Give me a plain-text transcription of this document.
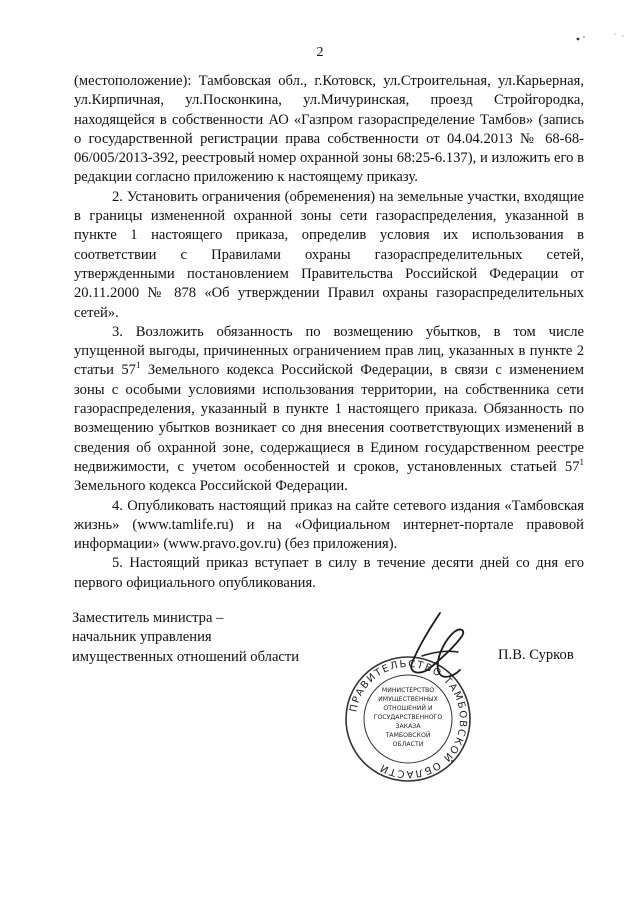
2

(местоположение): Тамбовская обл., г.Котовск, ул.Строительная, ул.Карьерная, ул.Кирпичная, ул.Посконкина, ул.Мичуринская, проезд Стройгородка, находящейся в собственности АО «Газпром газораспределение Тамбов» (запись о государственной регистрации права собственности от 04.04.2013 № 68-68-06/005/2013-392, реестровый номер охранной зоны 68:25-6.137), и изложить его в редакции согласно приложению к настоящему приказу.

2. Установить ограничения (обременения) на земельные участки, входящие в границы измененной охранной зоны сети газораспределения, указанной в пункте 1 настоящего приказа, определив условия их использования в соответствии с Правилами охраны газораспределительных сетей, утвержденными постановлением Правительства Российской Федерации от 20.11.2000 № 878 «Об утверждении Правил охраны газораспределительных сетей».

3. Возложить обязанность по возмещению убытков, в том числе упущенной выгоды, причиненных ограничением прав лиц, указанных в пункте 2 статьи $57^1$ Земельного кодекса Российской Федерации, в связи с изменением зоны с особыми условиями использования территории, на собственника сети газораспределения, указанный в пункте 1 настоящего приказа. Обязанность по возмещению убытков возникает со дня внесения соответствующих изменений в сведения об охранной зоне, содержащиеся в Едином государственном реестре недвижимости, с учетом особенностей и сроков, установленных статьей $57^1$ Земельного кодекса Российской Федерации.

4. Опубликовать настоящий приказ на сайте сетевого издания «Тамбовская жизнь» (www.tamlife.ru) и на «Официальном интернет-портале правовой информации» (www.pravo.gov.ru) (без приложения).

5. Настоящий приказ вступает в силу в течение десяти дней со дня его первого официального опубликования.

Заместитель министра –
начальник управления
имущественных отношений области	П.В. Сурков
ПРАВИТЕЛЬСТВО ТАМБОВСКОЙ ОБЛАСТИ
МИНИСТЕРСТВО
ИМУЩЕСТВЕННЫХ
ОТНОШЕНИЙ И
ГОСУДАРСТВЕННОГО
ЗАКАЗА
ТАМБОВСКОЙ
ОБЛАСТИ
